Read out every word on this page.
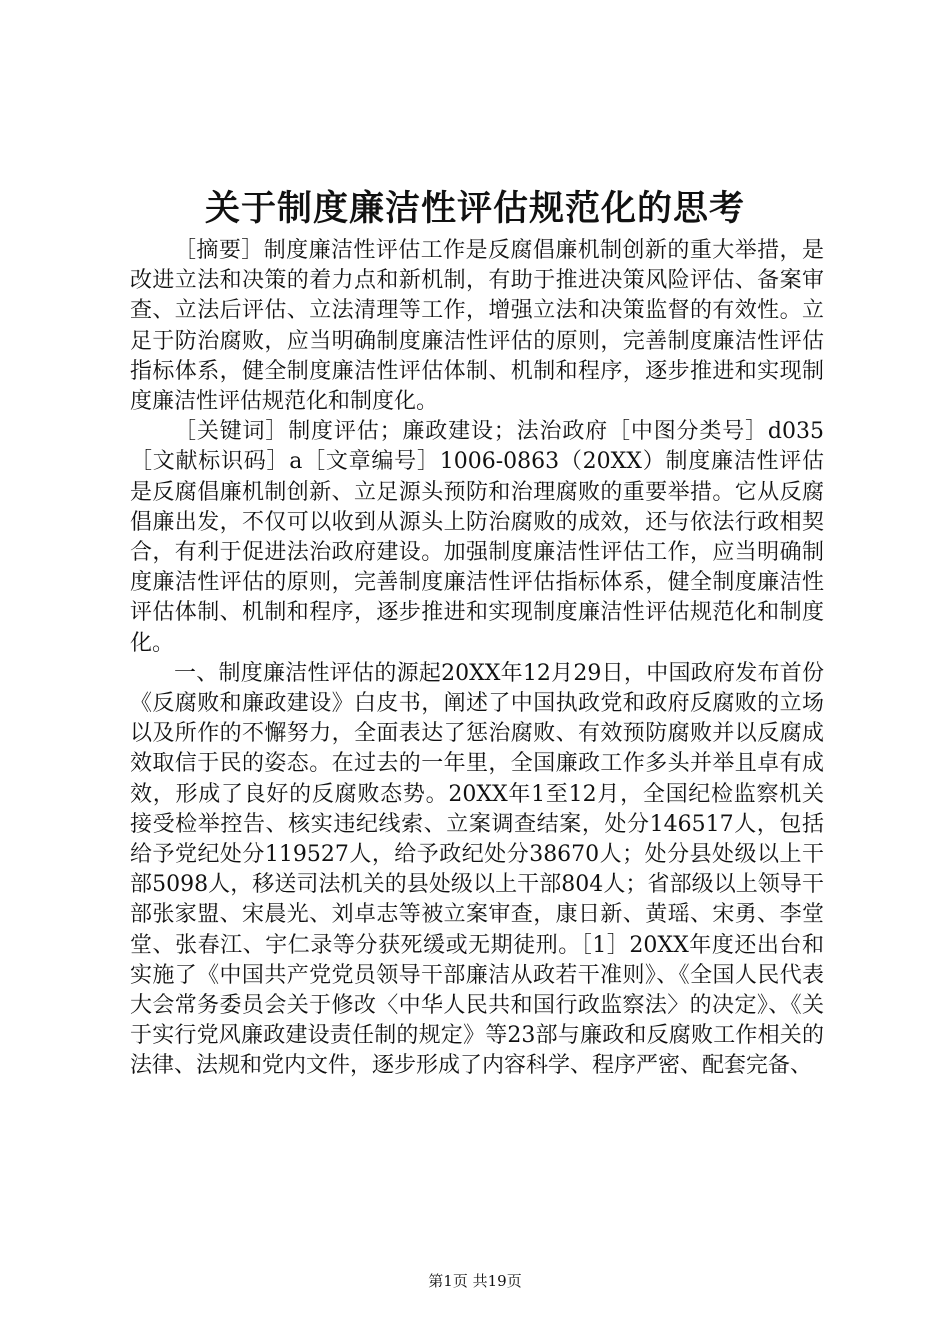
关于制度廉洁性评估规范化的思考

［摘要］制度廉洁性评估工作是反腐倡廉机制创新的重大举措，是改进立法和决策的着力点和新机制，有助于推进决策风险评估、备案审查、立法后评估、立法清理等工作，增强立法和决策监督的有效性。立足于防治腐败，应当明确制度廉洁性评估的原则，完善制度廉洁性评估指标体系，健全制度廉洁性评估体制、机制和程序，逐步推进和实现制度廉洁性评估规范化和制度化。

［关键词］制度评估；廉政建设；法治政府［中图分类号］d035［文献标识码］a［文章编号］1006-0863（20XX）制度廉洁性评估是反腐倡廉机制创新、立足源头预防和治理腐败的重要举措。它从反腐倡廉出发，不仅可以收到从源头上防治腐败的成效，还与依法行政相契合，有利于促进法治政府建设。加强制度廉洁性评估工作，应当明确制度廉洁性评估的原则，完善制度廉洁性评估指标体系，健全制度廉洁性评估体制、机制和程序，逐步推进和实现制度廉洁性评估规范化和制度化。

一、制度廉洁性评估的源起20XX年12月29日，中国政府发布首份《反腐败和廉政建设》白皮书，阐述了中国执政党和政府反腐败的立场以及所作的不懈努力，全面表达了惩治腐败、有效预防腐败并以反腐成效取信于民的姿态。在过去的一年里，全国廉政工作多头并举且卓有成效，形成了良好的反腐败态势。20XX年1至12月，全国纪检监察机关接受检举控告、核实违纪线索、立案调查结案，处分146517人，包括给予党纪处分119527人，给予政纪处分38670人；处分县处级以上干部5098人，移送司法机关的县处级以上干部804人；省部级以上领导干部张家盟、宋晨光、刘卓志等被立案审查，康日新、黄瑶、宋勇、李堂堂、张春江、宇仁录等分获死缓或无期徒刑。［1］20XX年度还出台和实施了《中国共产党党员领导干部廉洁从政若干准则》、《全国人民代表大会常务委员会关于修改〈中华人民共和国行政监察法〉的决定》、《关于实行党风廉政建设责任制的规定》等23部与廉政和反腐败工作相关的法律、法规和党内文件，逐步形成了内容科学、程序严密、配套完备、

第1页 共19页
